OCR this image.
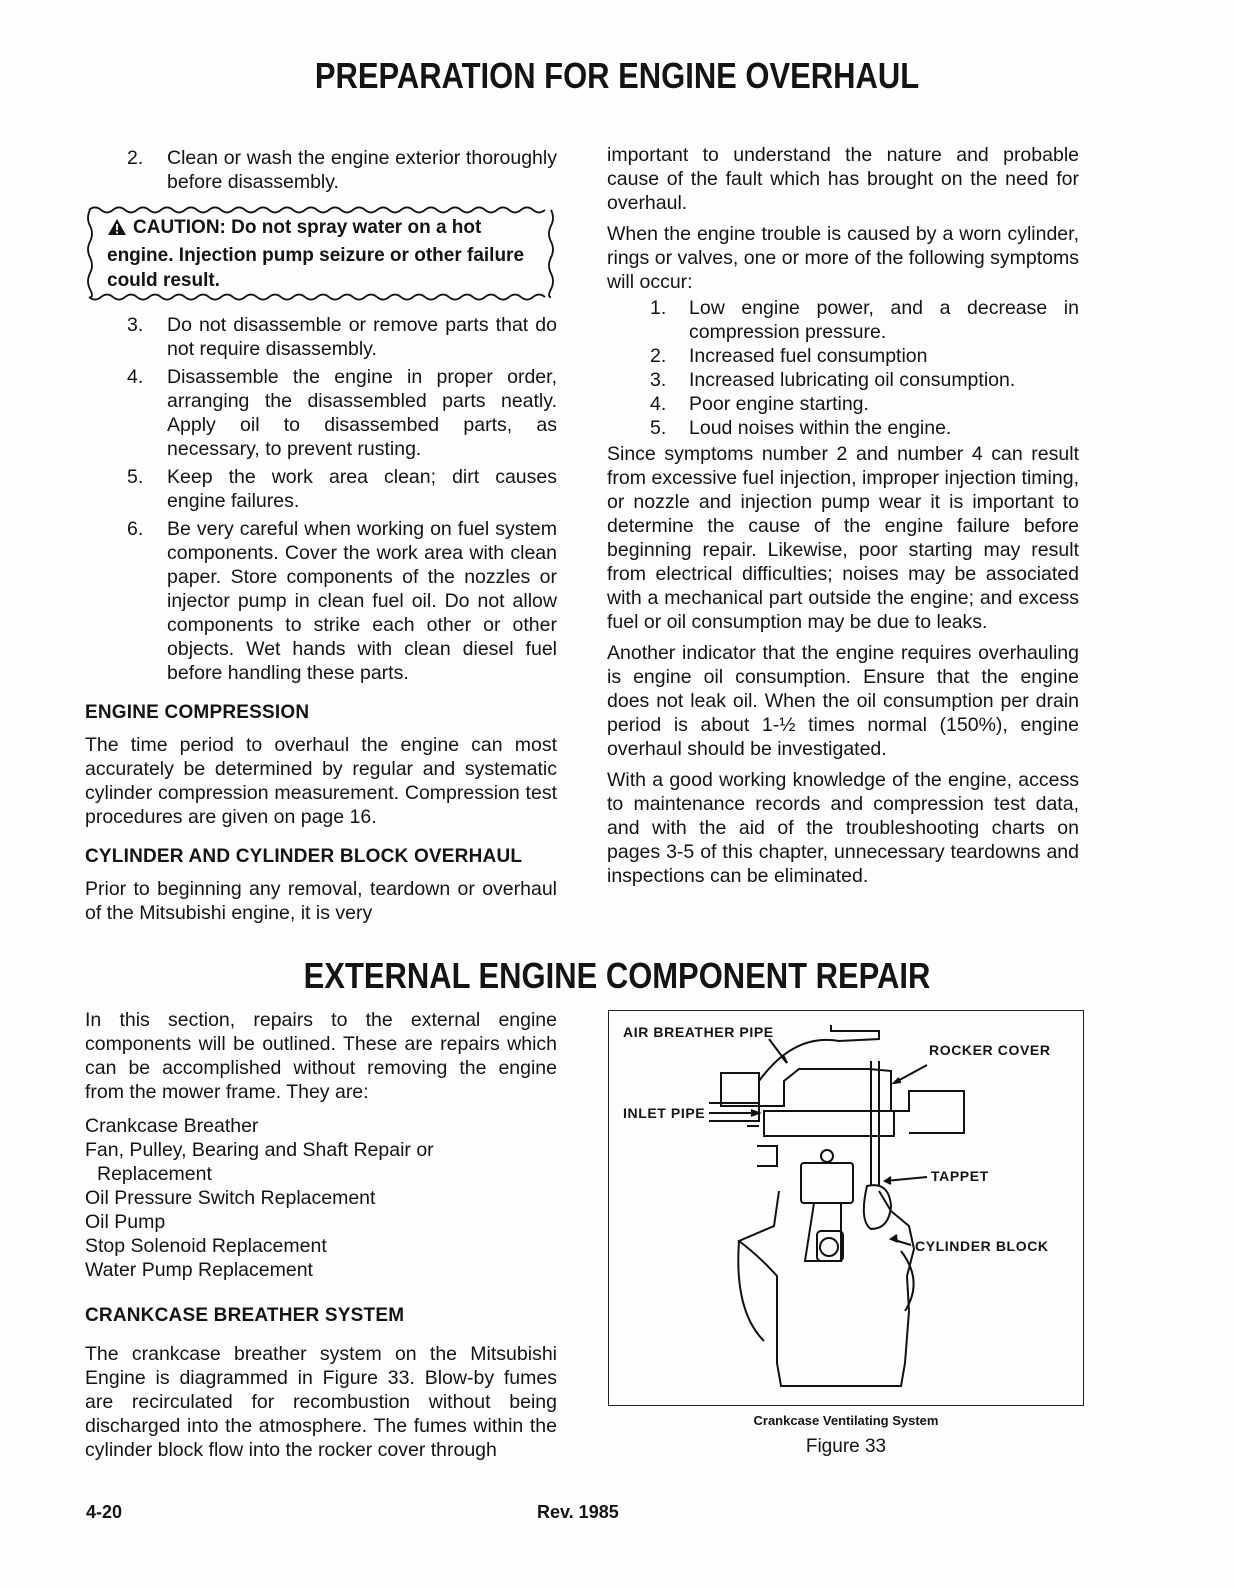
PREPARATION FOR ENGINE OVERHAUL
2. Clean or wash the engine exterior thoroughly before disassembly.
CAUTION: Do not spray water on a hot engine. Injection pump seizure or other failure could result.
3. Do not disassemble or remove parts that do not require disassembly.
4. Disassemble the engine in proper order, arranging the disassembled parts neatly. Apply oil to disassembed parts, as necessary, to prevent rusting.
5. Keep the work area clean; dirt causes engine failures.
6. Be very careful when working on fuel system components. Cover the work area with clean paper. Store components of the nozzles or injector pump in clean fuel oil. Do not allow components to strike each other or other objects. Wet hands with clean diesel fuel before handling these parts.
ENGINE COMPRESSION

The time period to overhaul the engine can most accurately be determined by regular and systematic cylinder compression measurement. Compression test procedures are given on page 16.

CYLINDER AND CYLINDER BLOCK OVERHAUL

Prior to beginning any removal, teardown or overhaul of the Mitsubishi engine, it is very

important to understand the nature and probable cause of the fault which has brought on the need for overhaul.

When the engine trouble is caused by a worn cylinder, rings or valves, one or more of the following symptoms will occur:

1. Low engine power, and a decrease in compression pressure.
2. Increased fuel consumption
3. Increased lubricating oil consumption.
4. Poor engine starting.
5. Loud noises within the engine.

Since symptoms number 2 and number 4 can result from excessive fuel injection, improper injection timing, or nozzle and injection pump wear it is important to determine the cause of the engine failure before beginning repair. Likewise, poor starting may result from electrical difficulties; noises may be associated with a mechanical part outside the engine; and excess fuel or oil consumption may be due to leaks.

Another indicator that the engine requires overhauling is engine oil consumption. Ensure that the engine does not leak oil. When the oil consumption per drain period is about 1-½ times normal (150%), engine overhaul should be investigated.

With a good working knowledge of the engine, access to maintenance records and compression test data, and with the aid of the troubleshooting charts on pages 3-5 of this chapter, unnecessary teardowns and inspections can be eliminated.

EXTERNAL ENGINE COMPONENT REPAIR

In this section, repairs to the external engine components will be outlined. These are repairs which can be accomplished without removing the engine from the mower frame. They are:

Crankcase Breather
Fan, Pulley, Bearing and Shaft Repair or
Replacement
Oil Pressure Switch Replacement
Oil Pump
Stop Solenoid Replacement
Water Pump Replacement
CRANKCASE BREATHER SYSTEM

The crankcase breather system on the Mitsubishi Engine is diagrammed in Figure 33. Blow-by fumes are recirculated for recombustion without being discharged into the atmosphere. The fumes within the cylinder block flow into the rocker cover through

AIR BREATHER PIPE
ROCKER COVER
INLET PIPE
TAPPET
CYLINDER BLOCK
Crankcase Ventilating System
Figure 33
4-20	Rev. 1985
